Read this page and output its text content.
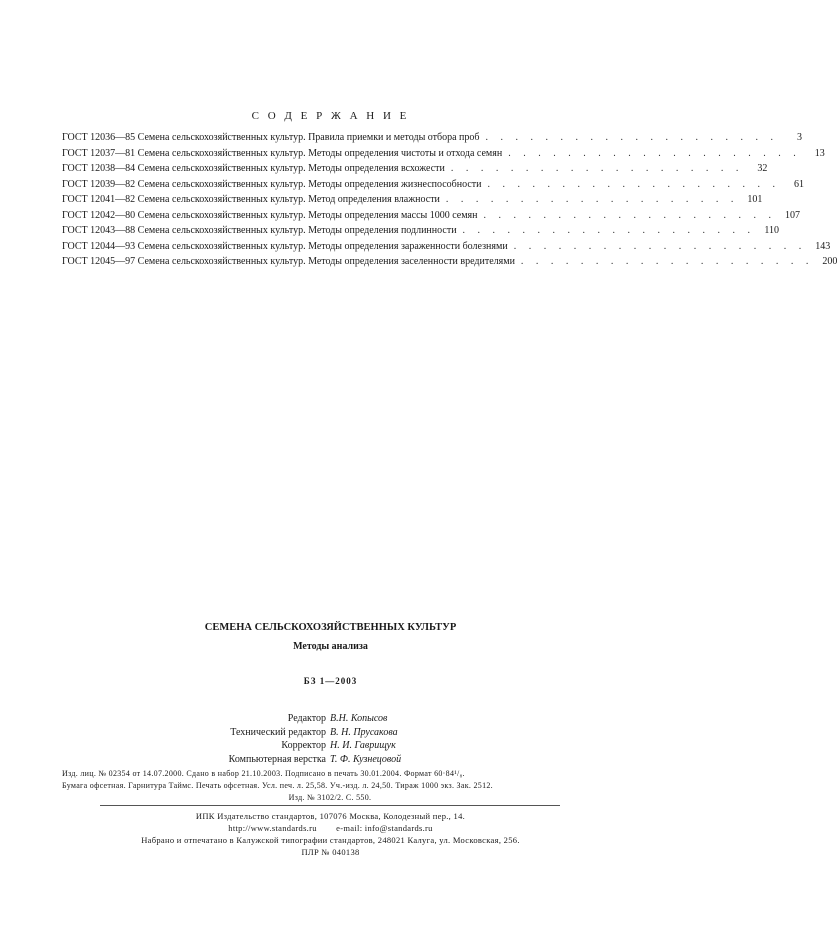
С О Д Е Р Ж А Н И Е
ГОСТ 12036—85 Семена сельскохозяйственных культур. Правила приемки и методы отбора проб . . . . . . . . . . . . . . . . . . . .	3
ГОСТ 12037—81 Семена сельскохозяйственных культур. Методы определения чистоты и отхода семян . . . . . . . . . . . . . . . . . . . .	13
ГОСТ 12038—84 Семена сельскохозяйственных культур. Методы определения всхожести . . . . . . . . . . . . . . . . . . . .	32
ГОСТ 12039—82 Семена сельскохозяйственных культур. Методы определения жизнеспособности . . . . . . . . . . . . . . . . . . . .	61
ГОСТ 12041—82 Семена сельскохозяйственных культур. Метод определения влажности . . . . . . . . . . . . . . . . . . . . 101
ГОСТ 12042—80 Семена сельскохозяйственных культур. Методы определения массы 1000 семян . . . . . . . . . . . . . . . . . . . . 107
ГОСТ 12043—88 Семена сельскохозяйственных культур. Методы определения подлинности . . . . . . . . . . . . . . . . . . . . 110
ГОСТ 12044—93 Семена сельскохозяйственных культур. Методы определения зараженности болезнями . . . . . . . . . . . . . . . . . . . . 143
ГОСТ 12045—97 Семена сельскохозяйственных культур. Методы определения заселенности вредителями . . . . . . . . . . . . . . . . . . . . 200
СЕМЕНА СЕЛЬСКОХОЗЯЙСТВЕННЫХ КУЛЬТУР
Методы анализа
БЗ 1—2003
Редактор В.Н. Копысов
Технический редактор В. Н. Прусакова
Корректор Н. И. Гаврищук
Компьютерная верстка Т. Ф. Кузнецовой
Изд. лиц. № 02354 от 14.07.2000. Сдано в набор 21.10.2003. Подписано в печать 30.01.2004. Формат 60·84¹/₈.
Бумага офсетная. Гарнитура Таймс. Печать офсетная. Усл. печ. л. 25,58. Уч.-изд. л. 24,50. Тираж 1000 экз. Зак. 2512.
Изд. № 3102/2. С. 550.
ИПК Издательство стандартов, 107076 Москва, Колодезный пер., 14.
http://www.standards.ru        e-mail: info@standards.ru
Набрано и отпечатано в Калужской типографии стандартов, 248021 Калуга, ул. Московская, 256.
ПЛР № 040138
